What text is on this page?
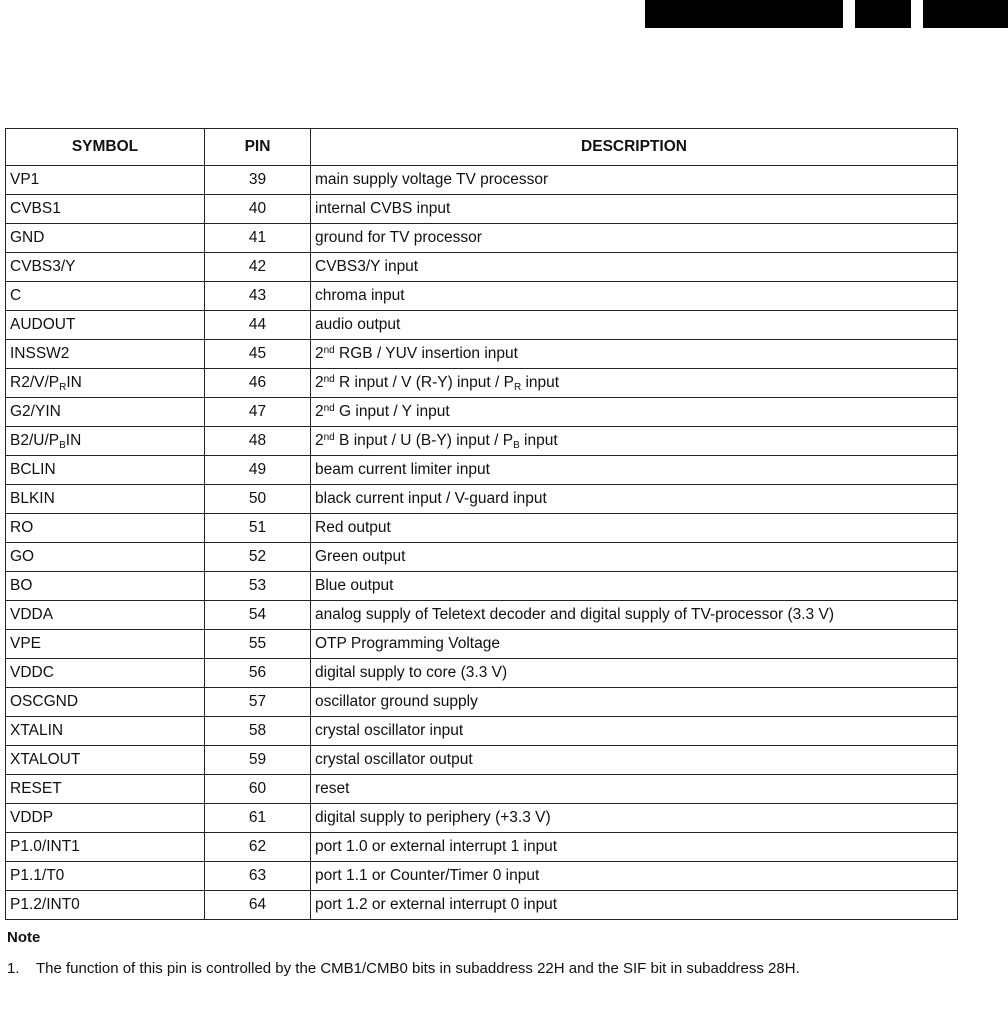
SYMBOL	PIN	DESCRIPTION
VP1	39	main supply voltage TV processor
CVBS1	40	internal CVBS input
GND	41	ground for TV processor
CVBS3/Y	42	CVBS3/Y input
C	43	chroma input
AUDOUT	44	audio output
INSSW2	45	2nd RGB / YUV insertion input
$R2/V/P_RIN$	46	2nd R input / V (R-Y) input / $P_R$ input
G2/YIN	47	2nd G input / Y input
$B2/U/P_BIN$	48	2nd B input / U (B-Y) input / $P_B$ input
BCLIN	49	beam current limiter input
BLKIN	50	black current input / V-guard input
RO	51	Red output
GO	52	Green output
BO	53	Blue output
VDDA	54	analog supply of Teletext decoder and digital supply of TV-processor (3.3 V)
VPE	55	OTP Programming Voltage
VDDC	56	digital supply to core (3.3 V)
OSCGND	57	oscillator ground supply
XTALIN	58	crystal oscillator input
XTALOUT	59	crystal oscillator output
RESET	60	reset
VDDP	61	digital supply to periphery (+3.3 V)
P1.0/INT1	62	port 1.0 or external interrupt 1 input
P1.1/T0	63	port 1.1 or Counter/Timer 0 input
P1.2/INT0	64	port 1.2 or external interrupt 0 input
Note
1. The function of this pin is controlled by the CMB1/CMB0 bits in subaddress 22H and the SIF bit in subaddress 28H.
